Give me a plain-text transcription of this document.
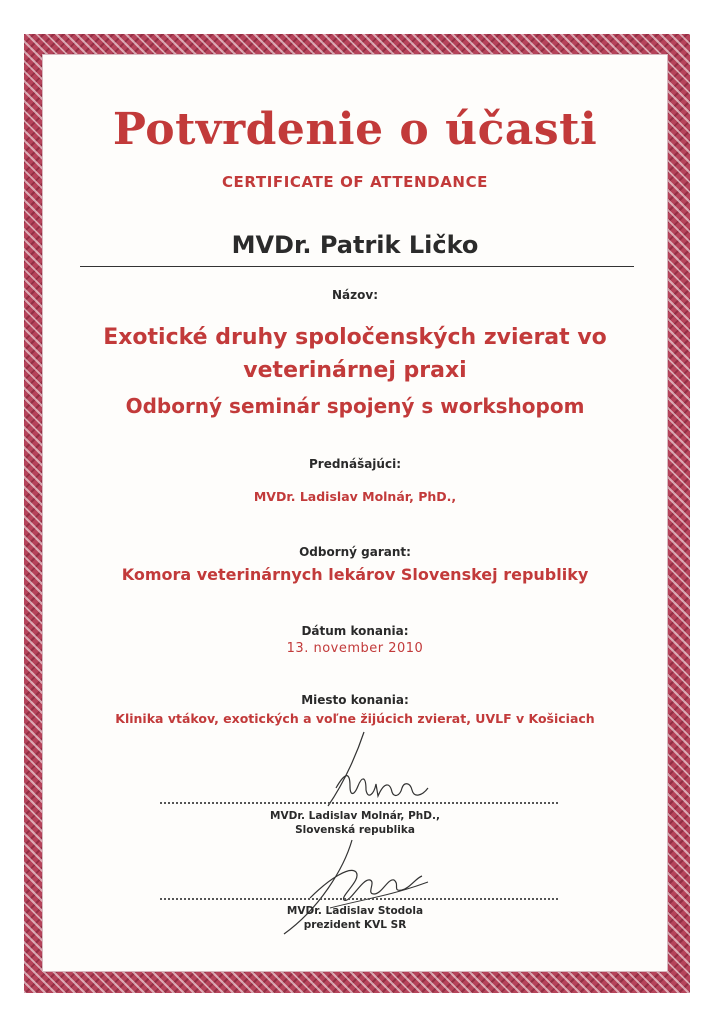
Potvrdenie o účasti

CERTIFICATE OF ATTENDANCE

MVDr. Patrik Ličko

Názov:

Exotické druhy spoločenských zvierat vo

veterinárnej praxi

Odborný seminár spojený s workshopom

Prednášajúci:

MVDr. Ladislav Molnár, PhD.,

Odborný garant:

Komora veterinárnych lekárov Slovenskej republiky

Dátum konania:

13. november 2010

Miesto konania:

Klinika vtákov, exotických a voľne žijúcich zvierat, UVLF v Košiciach

MVDr. Ladislav Molnár, PhD.,

Slovenská republika

MVDr. Ladislav Stodola

prezident KVL SR
